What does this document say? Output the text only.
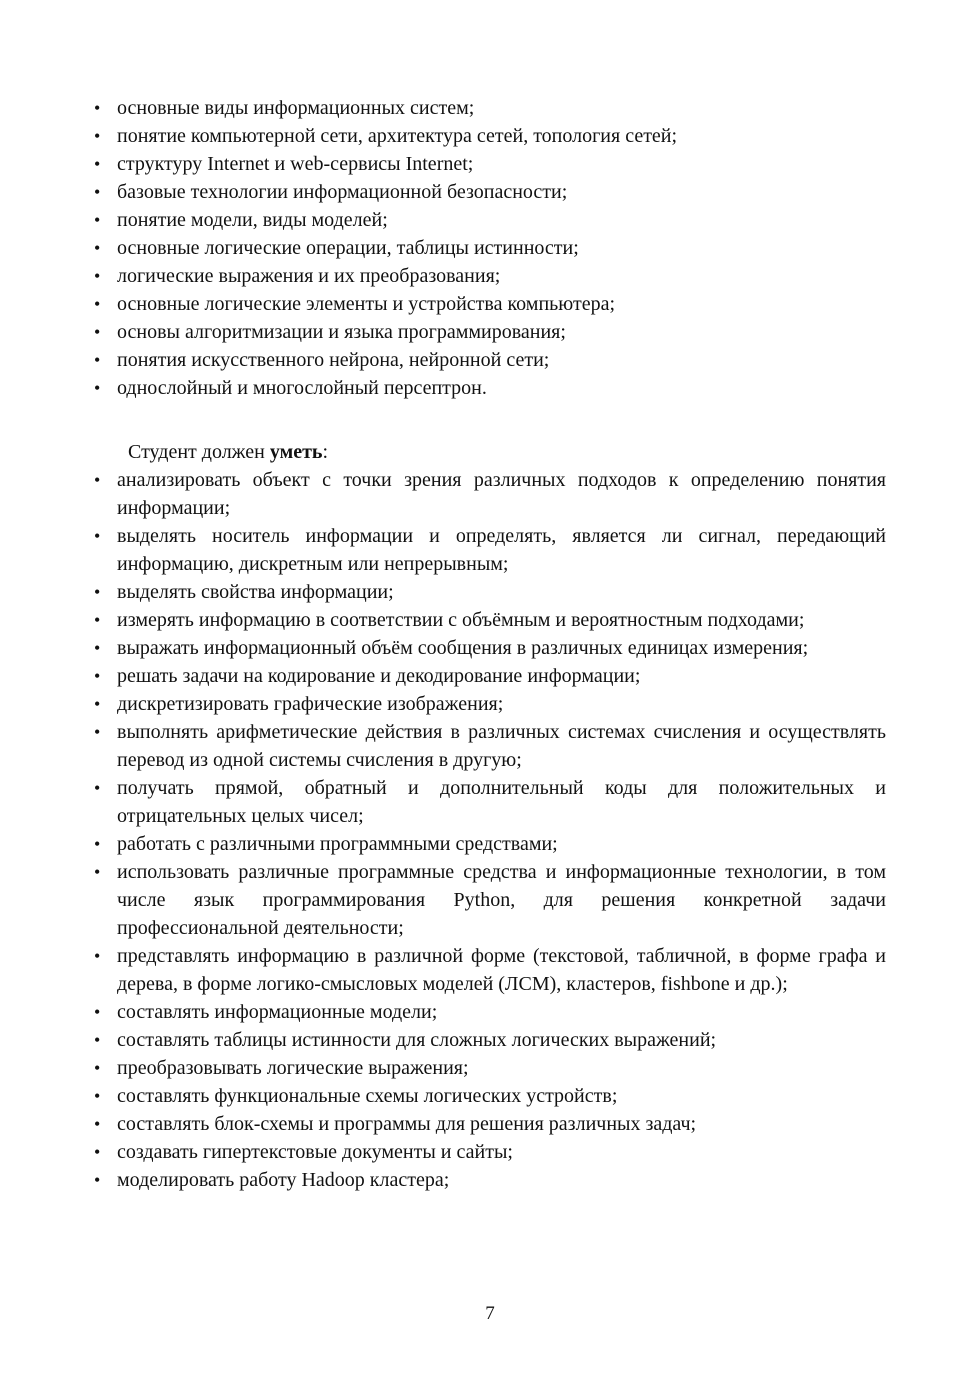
• основные виды информационных систем;
• понятие компьютерной сети, архитектура сетей, топология сетей;
• структуру Internet и web-сервисы Internet;
• базовые технологии информационной безопасности;
• понятие модели, виды моделей;
• основные логические операции, таблицы истинности;
• логические выражения и их преобразования;
• основные логические элементы и устройства компьютера;
• основы алгоритмизации и языка программирования;
• понятия искусственного нейрона, нейронной сети;
• однослойный и многослойный персептрон.

Студент должен уметь:

• анализировать объект с точки зрения различных подходов к определению понятия информации;
• выделять носитель информации и определять, является ли сигнал, передающий информацию, дискретным или непрерывным;
• выделять свойства информации;
• измерять информацию в соответствии с объёмным и вероятностным подходами;
• выражать информационный объём сообщения в различных единицах измерения;
• решать задачи на кодирование и декодирование информации;
• дискретизировать графические изображения;
• выполнять арифметические действия в различных системах счисления и осуществлять перевод из одной системы счисления в другую;
• получать прямой, обратный и дополнительный коды для положительных и отрицательных целых чисел;
• работать с различными программными средствами;
• использовать различные программные средства и информационные технологии, в том числе язык программирования Python, для решения конкретной задачи профессиональной деятельности;
• представлять информацию в различной форме (текстовой, табличной, в форме графа и дерева, в форме логико-смысловых моделей (ЛСМ), кластеров, fishbone и др.);
• составлять информационные модели;
• составлять таблицы истинности для сложных логических выражений;
• преобразовывать логические выражения;
• составлять функциональные схемы логических устройств;
• составлять блок-схемы и программы для решения различных задач;
• создавать гипертекстовые документы и сайты;
• моделировать работу Hadoop кластера;
7
